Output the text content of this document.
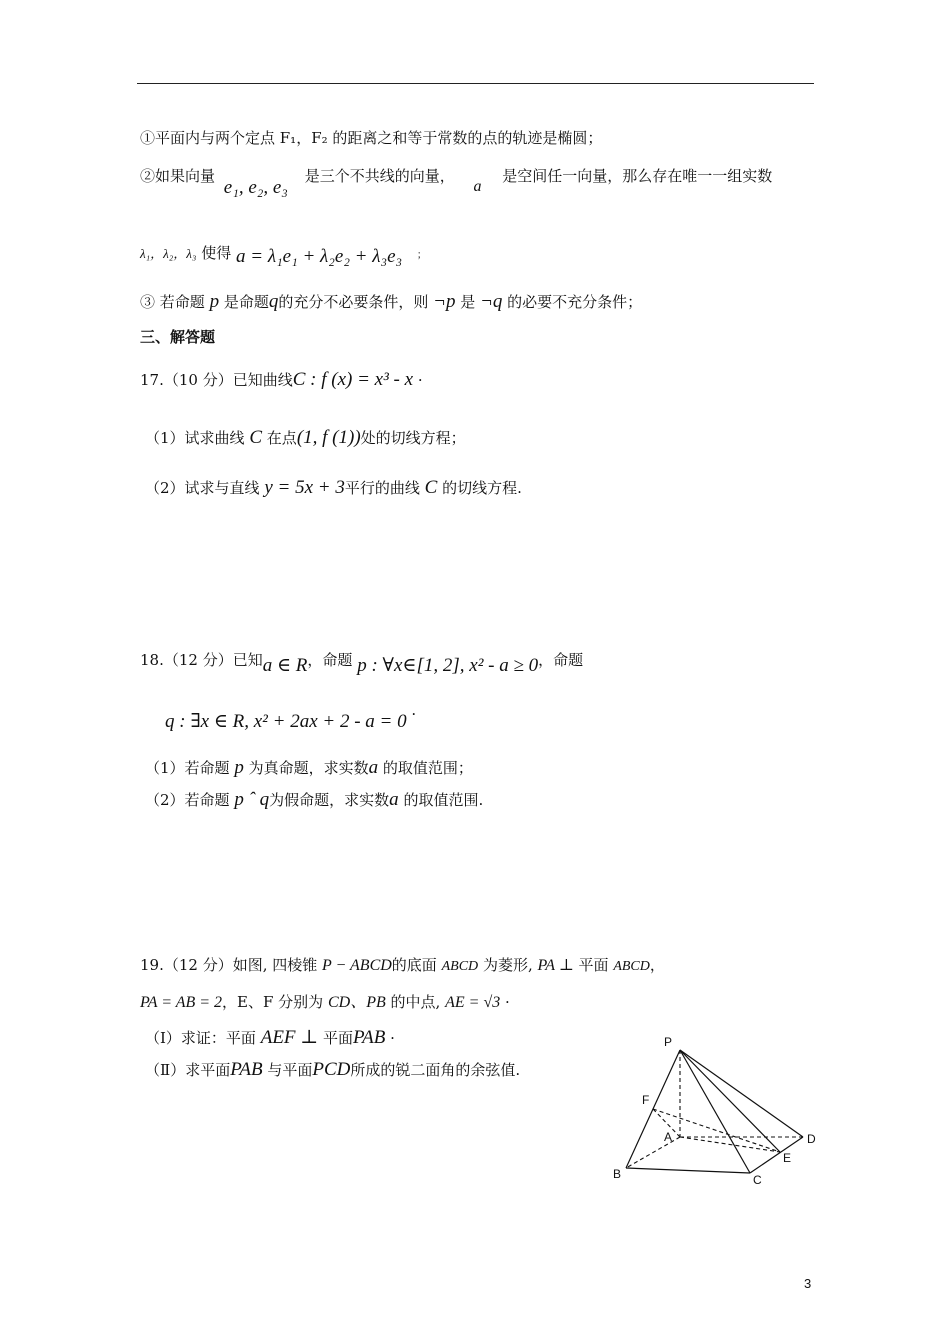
①平面内与两个定点 F₁，F₂ 的距离之和等于常数的点的轨迹是椭圆；
②如果向量 e₁, e₂, e₃ 是三个不共线的向量， a 是空间任一向量，那么存在唯一一组实数
λ₁，λ₂，λ₃ 使得 a = λ₁e₁ + λ₂e₂ + λ₃e₃ ；
③ 若命题 p 是命题q的充分不必要条件，则 ¬p 是 ¬q 的必要不充分条件；
三、解答题
17.（10 分）已知曲线C : f (x) = x³ - x ·
（1）试求曲线 C 在点(1, f (1))处的切线方程；
（2）试求与直线 y = 5x + 3平行的曲线 C 的切线方程.
18.（12 分）已知a ∈ R，命题 p : ∀x∈[1, 2], x² - a ≥ 0，命题
q : ∃x ∈ R, x² + 2ax + 2 - a = 0 ·
（1）若命题 p 为真命题，求实数a 的取值范围；
（2）若命题 p ˆ q为假命题，求实数a 的取值范围.
19.（12 分）如图, 四棱锥 P − ABCD的底面 ABCD 为菱形, PA ⊥ 平面 ABCD，
PA = AB = 2，E、F 分别为 CD、PB 的中点, AE = √3 ·
（Ⅰ）求证：平面 AEF ⊥ 平面PAB ·
（Ⅱ）求平面PAB 与平面PCD所成的锐二面角的余弦值.
P
F
A	D
E
B	C
3
